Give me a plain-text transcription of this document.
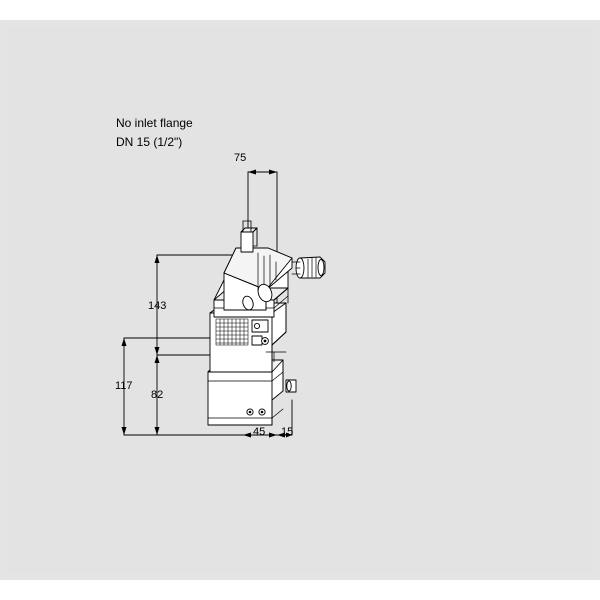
No inlet flange
DN 15 (1/2")
75
143
117
82
45 15
